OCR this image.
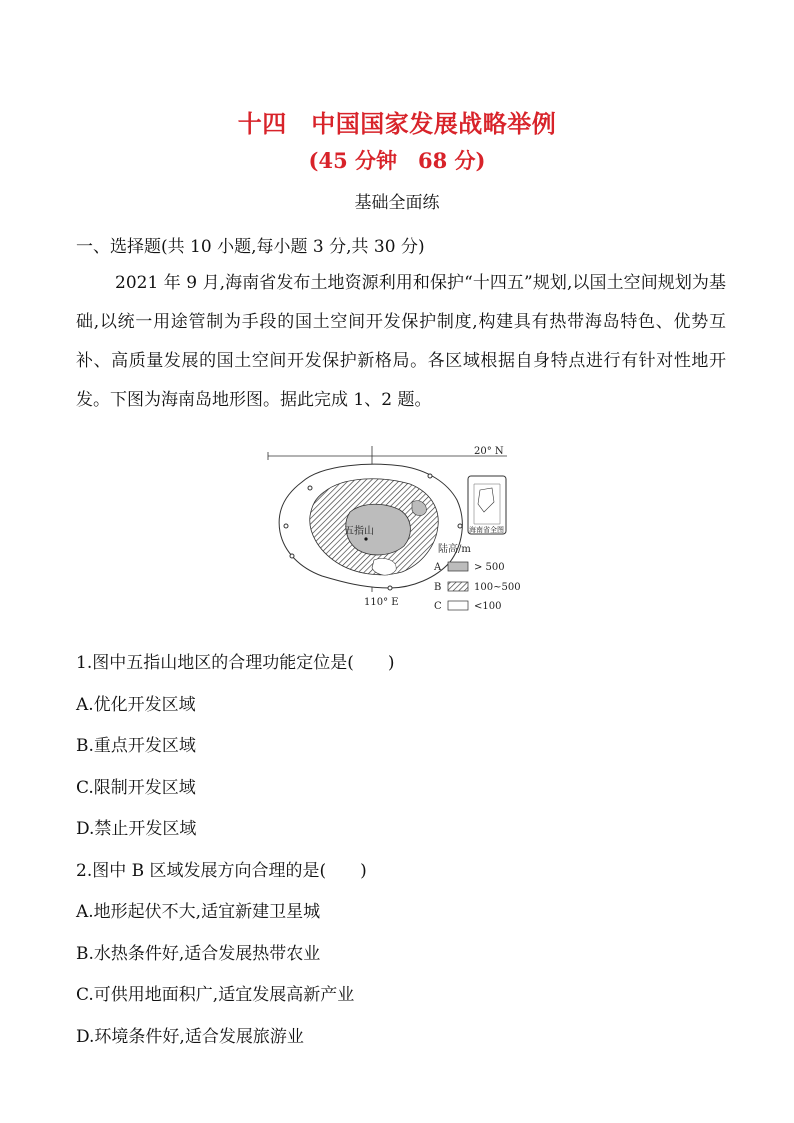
十四　中国国家发展战略举例
(45 分钟　68 分)
基础全面练
一、选择题(共 10 小题,每小题 3 分,共 30 分)
2021 年 9 月,海南省发布土地资源利用和保护“十四五”规划,以国土空间规划为基础,以统一用途管制为手段的国土空间开发保护制度,构建具有热带海岛特色、优势互补、高质量发展的国土空间开发保护新格局。各区域根据自身特点进行有针对性地开发。下图为海南岛地形图。据此完成 1、2 题。
五指山
20° N
110° E
海南省全图
陆高/m
A	> 500
B	100~500
C	<100
1.图中五指山地区的合理功能定位是(　　)
A.优化开发区域
B.重点开发区域
C.限制开发区域
D.禁止开发区域
2.图中 B 区域发展方向合理的是(　　)
A.地形起伏不大,适宜新建卫星城
B.水热条件好,适合发展热带农业
C.可供用地面积广,适宜发展高新产业
D.环境条件好,适合发展旅游业
